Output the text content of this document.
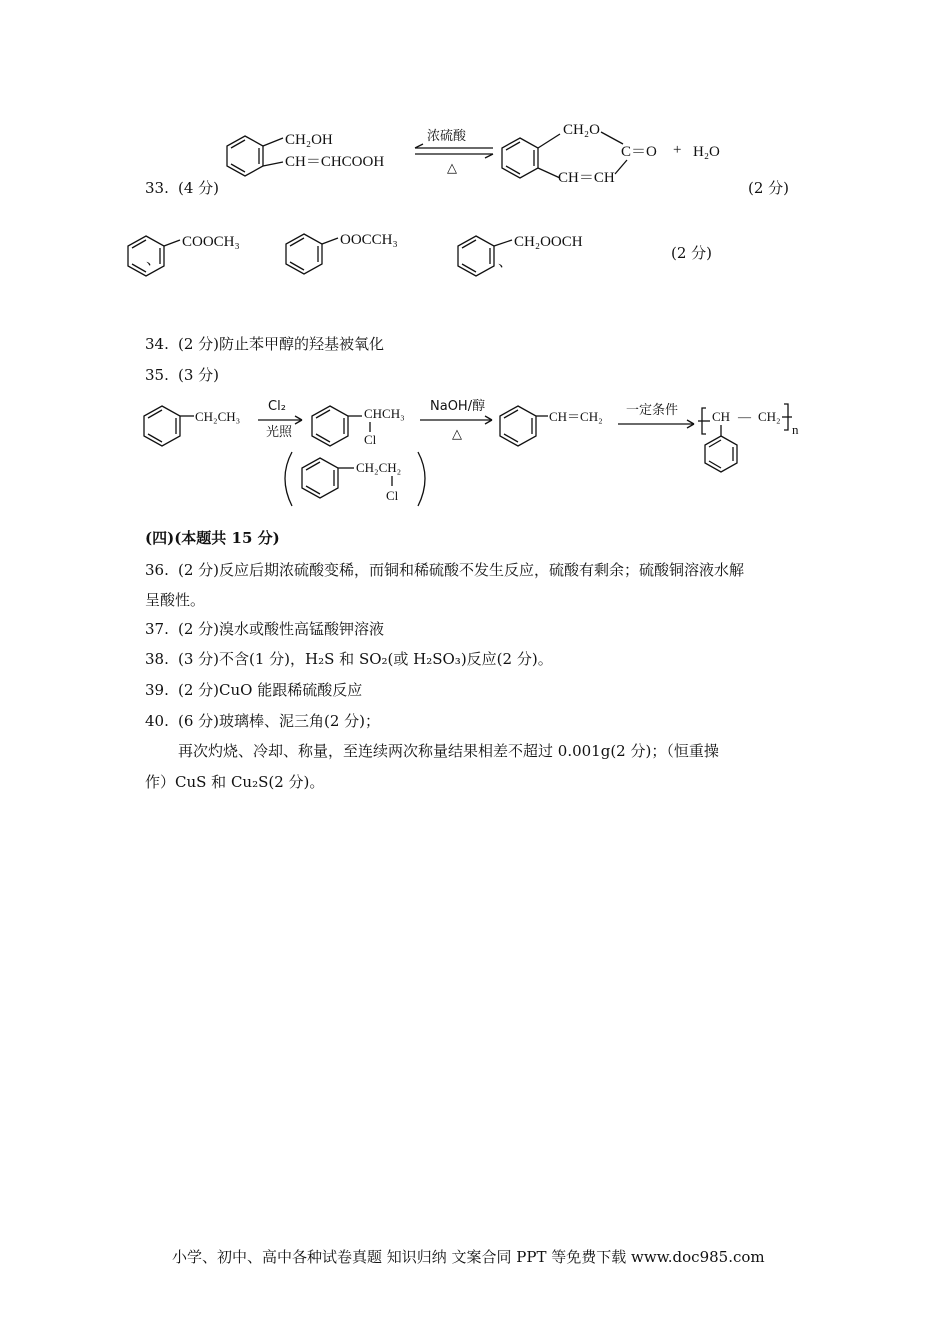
CH₂OH
CH＝CHCOOH
浓硫酸
△
CH₂O
C＝O
CH＝CH
+ H₂O
33. (4 分)	(2 分)
COOCH₃
、
OOCCH₃	CH₂OOCH
、	(2 分)
34. (2 分)防止苯甲醇的羟基被氧化
35. (3 分)
CH₂CH₃
Cl₂
光照
CHCH₃
Cl
NaOH/醇
△
CH＝CH₂ 一定条件	CH — CH₂
n
CH₂CH₂
Cl
(四)(本题共 15 分)
36. (2 分)反应后期浓硫酸变稀，而铜和稀硫酸不发生反应，硫酸有剩余；硫酸铜溶液水解
呈酸性。
37. (2 分)溴水或酸性高锰酸钾溶液
38. (3 分)不含(1 分)，H₂S 和 SO₂(或 H₂SO₃)反应(2 分)。
39. (2 分)CuO 能跟稀硫酸反应
40. (6 分)玻璃棒、泥三角(2 分)；
再次灼烧、冷却、称量，至连续两次称量结果相差不超过 0.001g(2 分)；（恒重操
作）CuS 和 Cu₂S(2 分)。
小学、初中、高中各种试卷真题 知识归纳 文案合同 PPT 等免费下载 www.doc985.com
